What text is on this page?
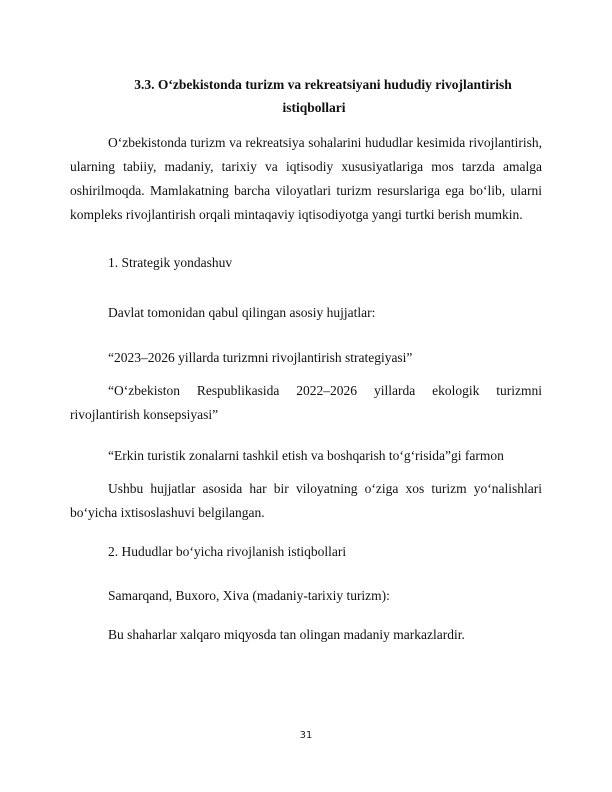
3.3. O‘zbekistonda turizm va rekreatsiyani hududiy rivojlantirish
istiqbollari

O‘zbekistonda turizm va rekreatsiya sohalarini hududlar kesimida rivojlantirish, ularning tabiiy, madaniy, tarixiy va iqtisodiy xususiyatlariga mos tarzda amalga oshirilmoqda. Mamlakatning barcha viloyatlari turizm resurslariga ega bo‘lib, ularni kompleks rivojlantirish orqali mintaqaviy iqtisodiyotga yangi turtki berish mumkin.

1. Strategik yondashuv

Davlat tomonidan qabul qilingan asosiy hujjatlar:

“2023–2026 yillarda turizmni rivojlantirish strategiyasi”

“O‘zbekiston Respublikasida 2022–2026 yillarda ekologik turizmni rivojlantirish konsepsiyasi”

“Erkin turistik zonalarni tashkil etish va boshqarish to‘g‘risida”gi farmon

Ushbu hujjatlar asosida har bir viloyatning o‘ziga xos turizm yo‘nalishlari bo‘yicha ixtisoslashuvi belgilangan.

2. Hududlar bo‘yicha rivojlanish istiqbollari

Samarqand, Buxoro, Xiva (madaniy-tarixiy turizm):

Bu shaharlar xalqaro miqyosda tan olingan madaniy markazlardir.

31
